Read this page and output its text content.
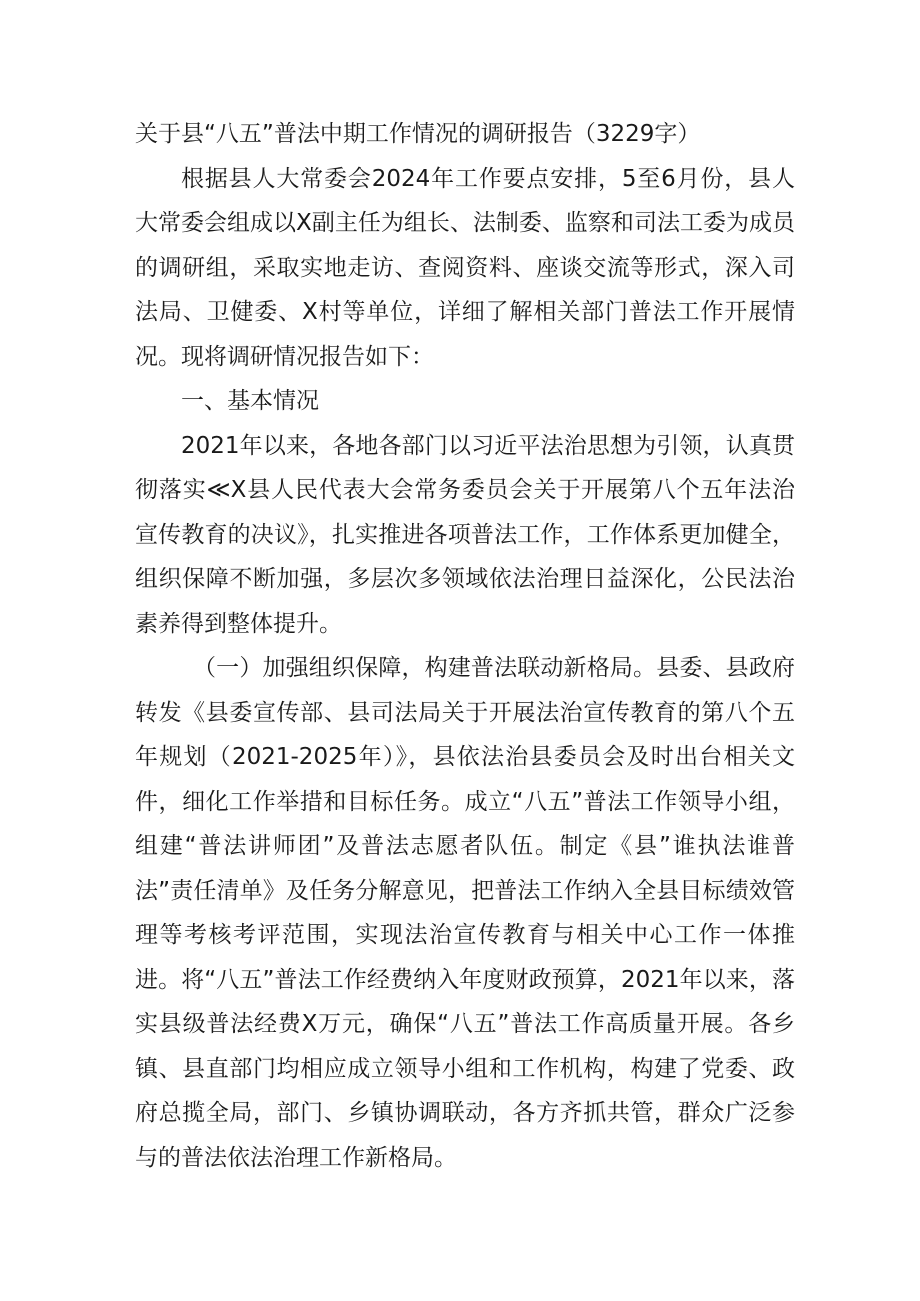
关于县“八五”普法中期工作情况的调研报告（3229字）

根据县人大常委会2024年工作要点安排，5至6月份，县人大常委会组成以X副主任为组长、法制委、监察和司法工委为成员的调研组，采取实地走访、查阅资料、座谈交流等形式，深入司法局、卫健委、X村等单位，详细了解相关部门普法工作开展情况。现将调研情况报告如下：

一、基本情况

2021年以来，各地各部门以习近平法治思想为引领，认真贯彻落实≪X县人民代表大会常务委员会关于开展第八个五年法治宣传教育的决议》，扎实推进各项普法工作，工作体系更加健全，组织保障不断加强，多层次多领域依法治理日益深化，公民法治素养得到整体提升。

（一）加强组织保障，构建普法联动新格局。县委、县政府转发《县委宣传部、县司法局关于开展法治宣传教育的第八个五年规划（2021-2025年）》，县依法治县委员会及时出台相关文件，细化工作举措和目标任务。成立“八五”普法工作领导小组，组建“普法讲师团”及普法志愿者队伍。制定《县”谁执法谁普法”责任清单》及任务分解意见，把普法工作纳入全县目标绩效管理等考核考评范围，实现法治宣传教育与相关中心工作一体推进。将“八五”普法工作经费纳入年度财政预算，2021年以来，落实县级普法经费X万元，确保“八五”普法工作高质量开展。各乡镇、县直部门均相应成立领导小组和工作机构，构建了党委、政府总揽全局，部门、乡镇协调联动，各方齐抓共管，群众广泛参与的普法依法治理工作新格局。
